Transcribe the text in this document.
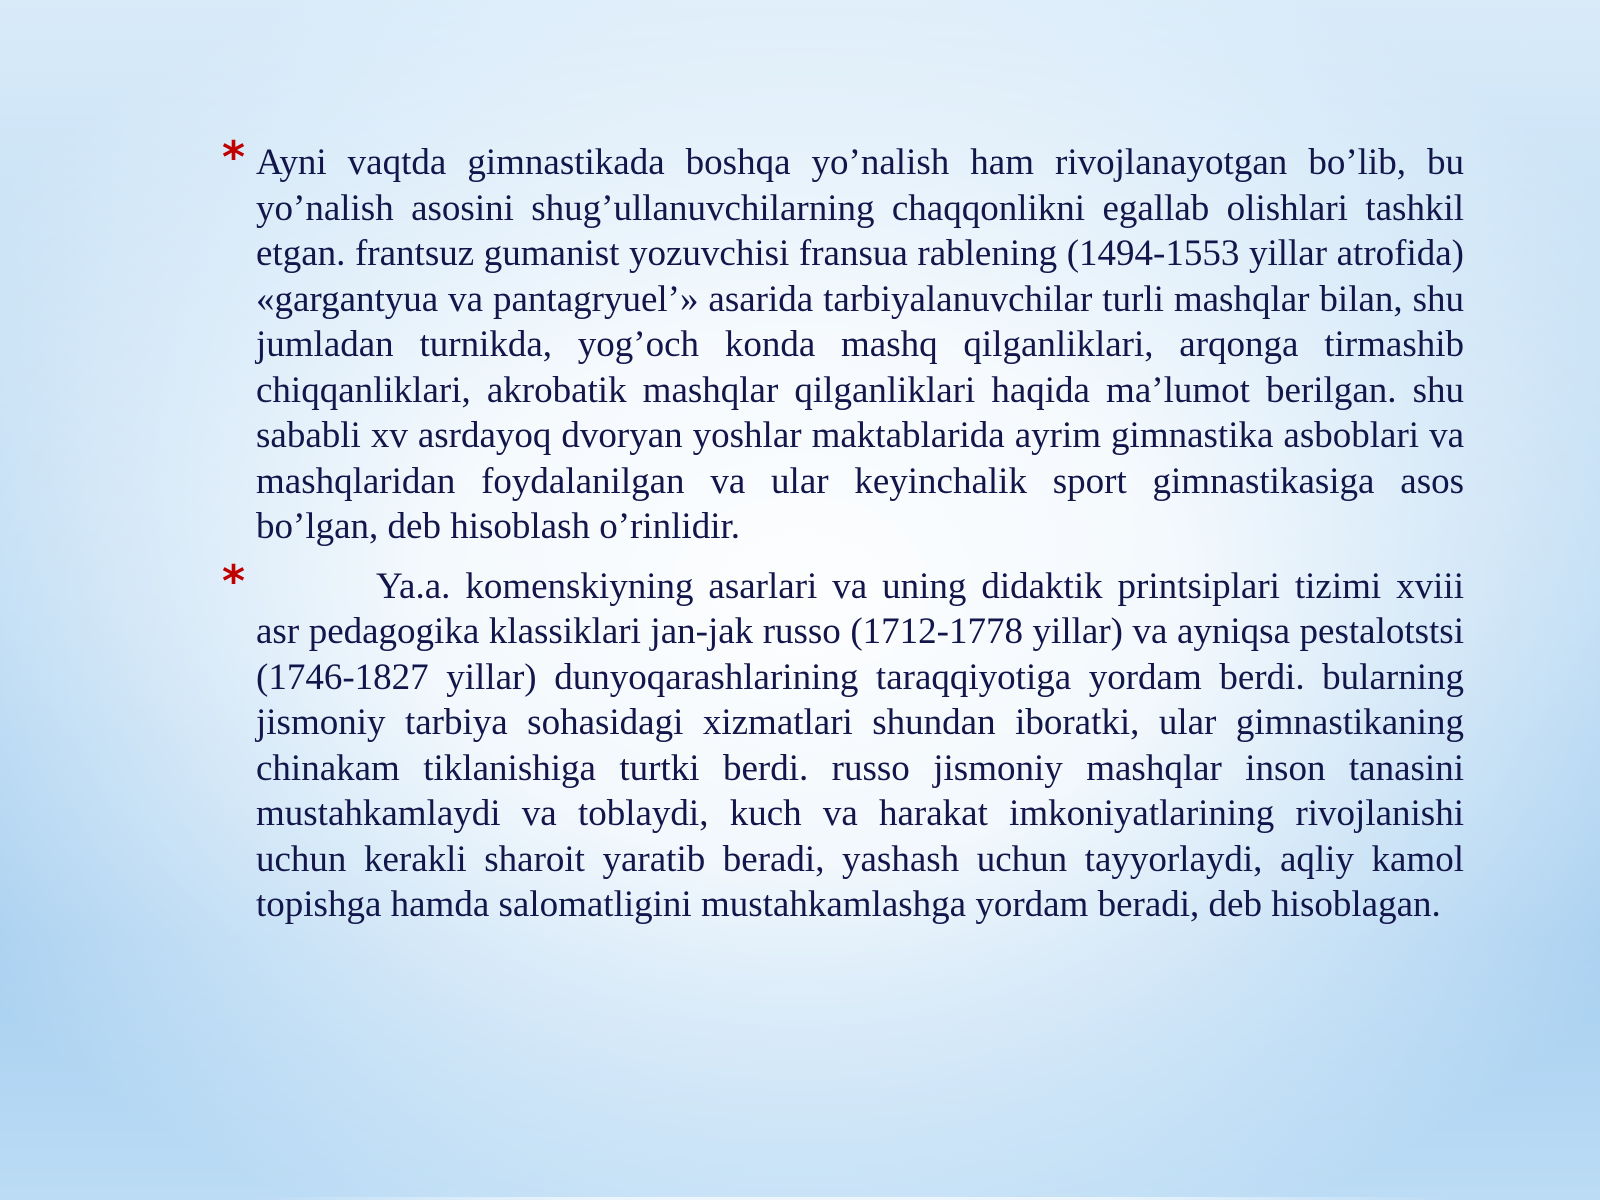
* Ayni vaqtda gimnastikada boshqa yo’nalish ham rivojlanayotgan bo’lib, bu yo’nalish asosini shug’ullanuvchilarning chaqqonlikni egallab olishlari tashkil etgan. frantsuz gumanist yozuvchisi fransua rablening (1494-1553 yillar atrofida) «gargantyua va pantagryuel’» asarida tarbiyalanuvchilar turli mashqlar bilan, shu jumladan turnikda, yog’och konda mashq qilganliklari, arqonga tirmashib chiqqanliklari, akrobatik mashqlar qilganliklari haqida ma’lumot berilgan. shu sababli xv asrdayoq dvoryan yoshlar maktablarida ayrim gimnastika asboblari va mashqlaridan foydalanilgan va ular keyinchalik sport gimnastikasiga asos bo’lgan, deb hisoblash o’rinlidir.

*	Ya.a. komenskiyning asarlari va uning didaktik printsiplari tizimi xviii asr pedagogika klassiklari jan-jak russo (1712-1778 yillar) va ayniqsa pestalotstsi (1746-1827 yillar) dunyoqarashlarining taraqqiyotiga yordam berdi. bularning jismoniy tarbiya sohasidagi xizmatlari shundan iboratki, ular gimnastikaning chinakam tiklanishiga turtki berdi. russo jismoniy mashqlar inson tanasini mustahkamlaydi va toblaydi, kuch va harakat imkoniyatlarining rivojlanishi uchun kerakli sharoit yaratib beradi, yashash uchun tayyorlaydi, aqliy kamol topishga hamda salomatligini mustahkamlashga yordam beradi, deb hisoblagan.
